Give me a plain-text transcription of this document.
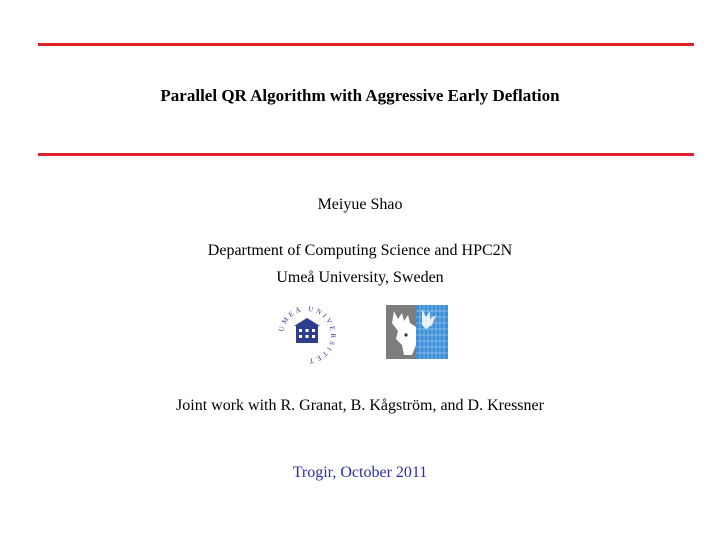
Parallel QR Algorithm with Aggressive Early Deflation
Meiyue Shao
Department of Computing Science and HPC2N
Umeå University, Sweden
UMEÅ UNIVERSITET
Joint work with R. Granat, B. Kågström, and D. Kressner
Trogir, October 2011
